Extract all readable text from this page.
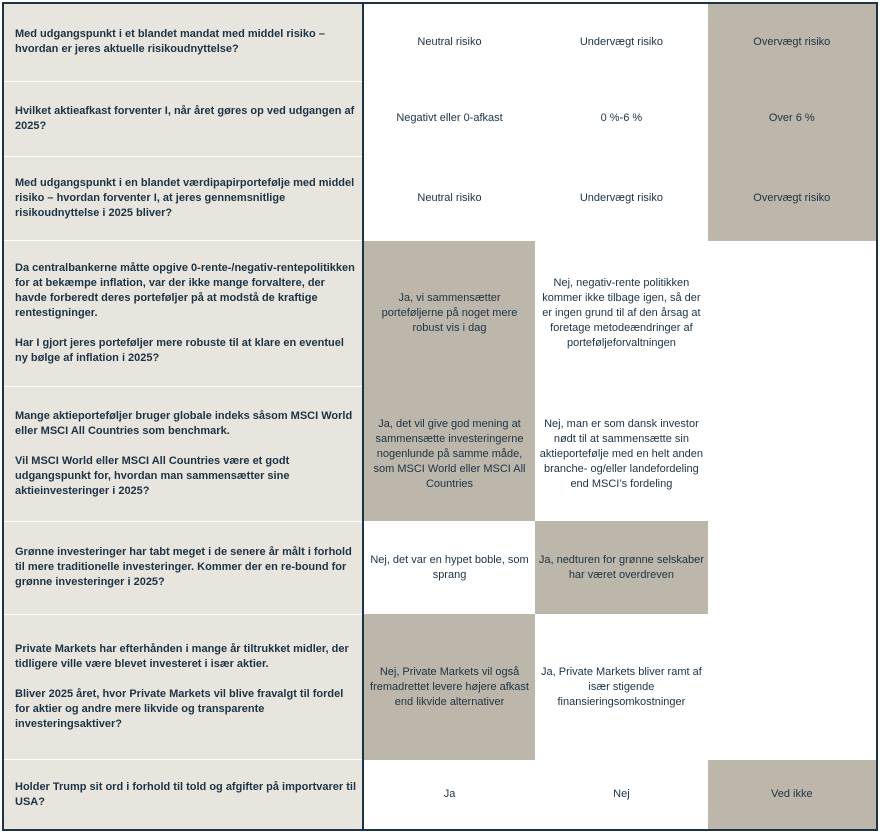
Med udgangspunkt i et blandet mandat med middel risiko – hvordan er jeres aktuelle risikoudnyttelse?	Neutral risiko	Undervægt risiko	Overvægt risiko

Hvilket aktieafkast forventer I, når året gøres op ved udgangen af 2025?	Negativt eller 0-afkast	0 %-6 %	Over 6 %

Med udgangspunkt i en blandet værdipapirportefølje med middel risiko – hvordan forventer I, at jeres gennemsnitlige risikoudnyttelse i 2025 bliver?	Neutral risiko	Undervægt risiko	Overvægt risiko

Da centralbankerne måtte opgive 0-rente-/negativ-rentepolitikken for at bekæmpe inflation, var der ikke mange forvaltere, der havde forberedt deres porteføljer på at modstå de kraftige rentestigninger.

Har I gjort jeres porteføljer mere robuste til at klare en eventuel ny bølge af inflation i 2025?	Ja, vi sammensætter porteføljerne på noget mere robust vis i dag	Nej, negativ-rente politikken kommer ikke tilbage igen, så der er ingen grund til af den årsag at foretage metodeændringer af porteføljeforvaltningen	

Mange aktieporteføljer bruger globale indeks såsom MSCI World eller MSCI All Countries som benchmark.

Vil MSCI World eller MSCI All Countries være et godt udgangspunkt for, hvordan man sammensætter sine aktieinvesteringer i 2025?	Ja, det vil give god mening at sammensætte investeringerne nogenlunde på samme måde, som MSCI World eller MSCI All Countries	Nej, man er som dansk investor nødt til at sammensætte sin aktieportefølje med en helt anden branche- og/eller landefordeling end MSCI’s fordeling	

Grønne investeringer har tabt meget i de senere år målt i forhold til mere traditionelle investeringer. Kommer der en re-bound for grønne investeringer i 2025?	Nej, det var en hypet boble, som sprang	Ja, nedturen for grønne selskaber har været overdreven	

Private Markets har efterhånden i mange år tiltrukket midler, der tidligere ville være blevet investeret i især aktier.

Bliver 2025 året, hvor Private Markets vil blive fravalgt til fordel for aktier og andre mere likvide og transparente investeringsaktiver?	Nej, Private Markets vil også fremadrettet levere højere afkast end likvide alternativer	Ja, Private Markets bliver ramt af især stigende finansieringsomkostninger	

Holder Trump sit ord i forhold til told og afgifter på importvarer til USA?	Ja	Nej	Ved ikke
